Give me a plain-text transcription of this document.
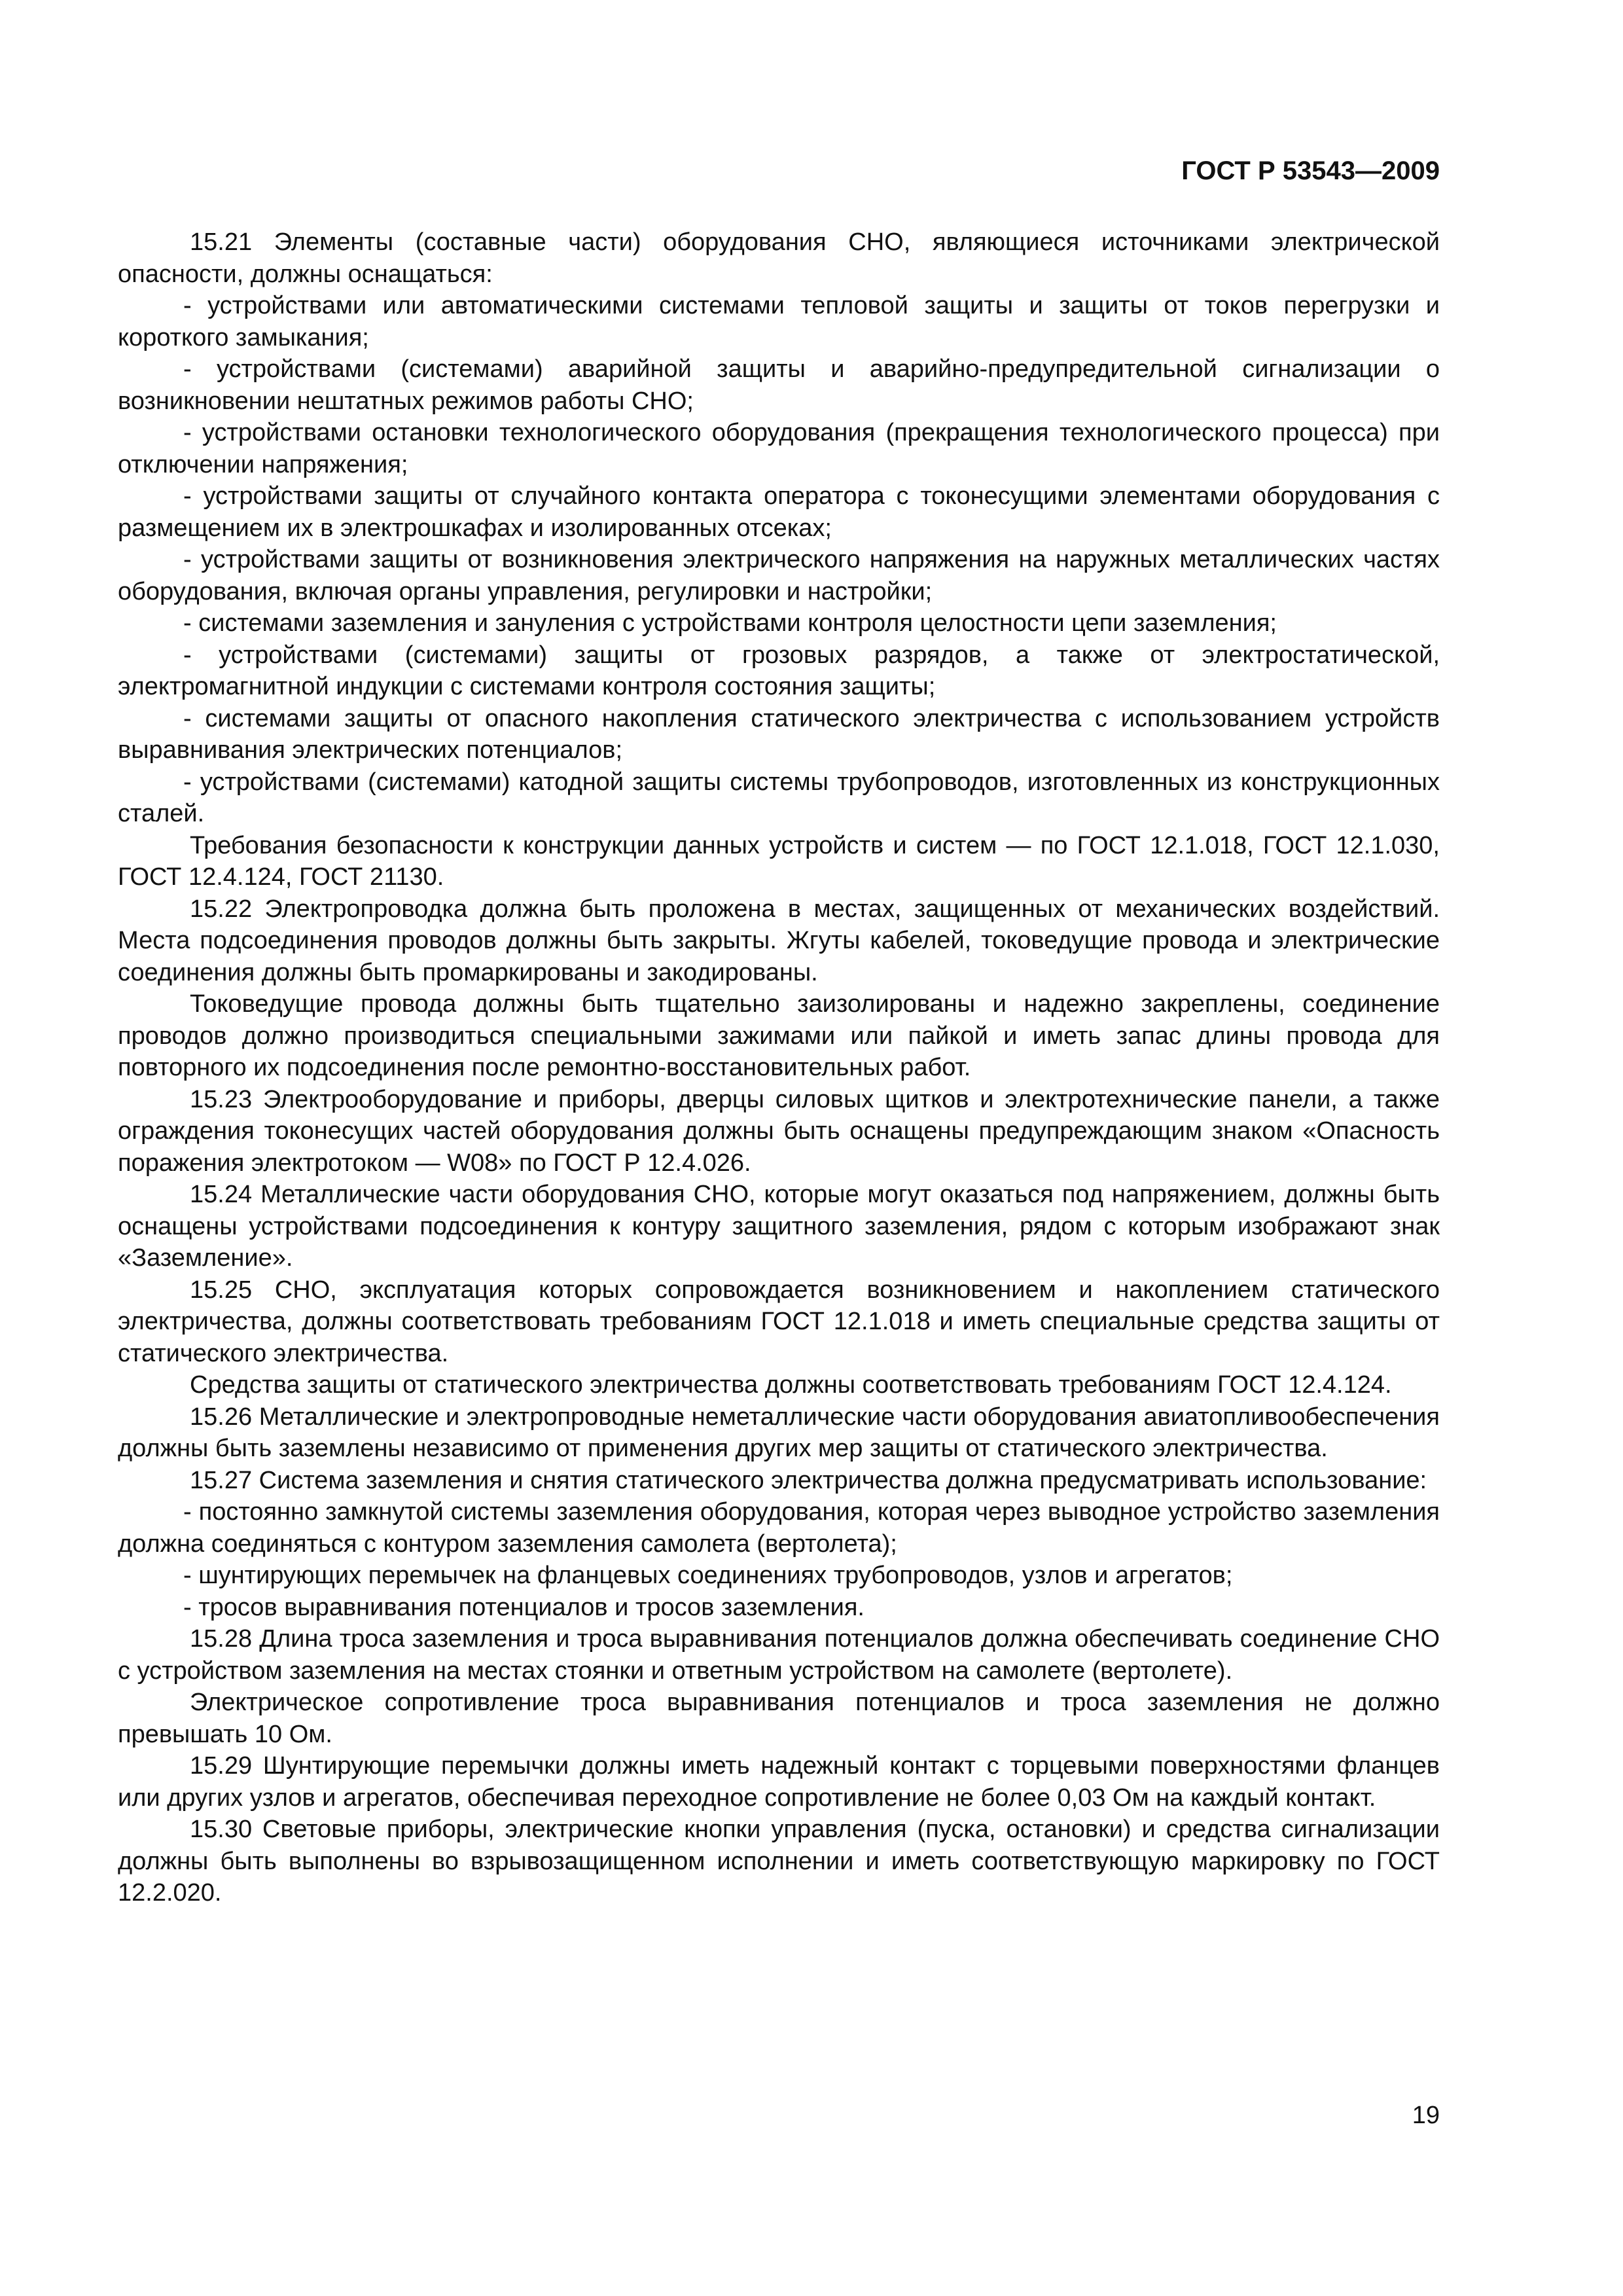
ГОСТ Р 53543—2009

15.21 Элементы (составные части) оборудования СНО, являющиеся источниками электрической опасности, должны оснащаться:

- устройствами или автоматическими системами тепловой защиты и защиты от токов перегрузки и короткого замыкания;

- устройствами (системами) аварийной защиты и аварийно-предупредительной сигнализации о возникновении нештатных режимов работы СНО;

- устройствами остановки технологического оборудования (прекращения технологического процесса) при отключении напряжения;

- устройствами защиты от случайного контакта оператора с токонесущими элементами оборудования с размещением их в электрошкафах и изолированных отсеках;

- устройствами защиты от возникновения электрического напряжения на наружных металлических частях оборудования, включая органы управления, регулировки и настройки;

- системами заземления и зануления с устройствами контроля целостности цепи заземления;

- устройствами (системами) защиты от грозовых разрядов, а также от электростатической, электромагнитной индукции с системами контроля состояния защиты;

- системами защиты от опасного накопления статического электричества с использованием устройств выравнивания электрических потенциалов;

- устройствами (системами) катодной защиты системы трубопроводов, изготовленных из конструкционных сталей.

Требования безопасности к конструкции данных устройств и систем — по ГОСТ 12.1.018, ГОСТ 12.1.030, ГОСТ 12.4.124, ГОСТ 21130.

15.22 Электропроводка должна быть проложена в местах, защищенных от механических воздействий. Места подсоединения проводов должны быть закрыты. Жгуты кабелей, токоведущие провода и электрические соединения должны быть промаркированы и закодированы.

Токоведущие провода должны быть тщательно заизолированы и надежно закреплены, соединение проводов должно производиться специальными зажимами или пайкой и иметь запас длины провода для повторного их подсоединения после ремонтно-восстановительных работ.

15.23 Электрооборудование и приборы, дверцы силовых щитков и электротехнические панели, а также ограждения токонесущих частей оборудования должны быть оснащены предупреждающим знаком «Опасность поражения электротоком — W08» по ГОСТ Р 12.4.026.

15.24 Металлические части оборудования СНО, которые могут оказаться под напряжением, должны быть оснащены устройствами подсоединения к контуру защитного заземления, рядом с которым изображают знак «Заземление».

15.25 СНО, эксплуатация которых сопровождается возникновением и накоплением статического электричества, должны соответствовать требованиям ГОСТ 12.1.018 и иметь специальные средства защиты от статического электричества.

Средства защиты от статического электричества должны соответствовать требованиям ГОСТ 12.4.124.

15.26 Металлические и электропроводные неметаллические части оборудования авиатопливообеспечения должны быть заземлены независимо от применения других мер защиты от статического электричества.

15.27 Система заземления и снятия статического электричества должна предусматривать использование:

- постоянно замкнутой системы заземления оборудования, которая через выводное устройство заземления должна соединяться с контуром заземления самолета (вертолета);

- шунтирующих перемычек на фланцевых соединениях трубопроводов, узлов и агрегатов;

- тросов выравнивания потенциалов и тросов заземления.

15.28 Длина троса заземления и троса выравнивания потенциалов должна обеспечивать соединение СНО с устройством заземления на местах стоянки и ответным устройством на самолете (вертолете).

Электрическое сопротивление троса выравнивания потенциалов и троса заземления не должно превышать 10 Ом.

15.29 Шунтирующие перемычки должны иметь надежный контакт с торцевыми поверхностями фланцев или других узлов и агрегатов, обеспечивая переходное сопротивление не более 0,03 Ом на каждый контакт.

15.30 Световые приборы, электрические кнопки управления (пуска, остановки) и средства сигнализации должны быть выполнены во взрывозащищенном исполнении и иметь соответствующую маркировку по ГОСТ 12.2.020.

19
